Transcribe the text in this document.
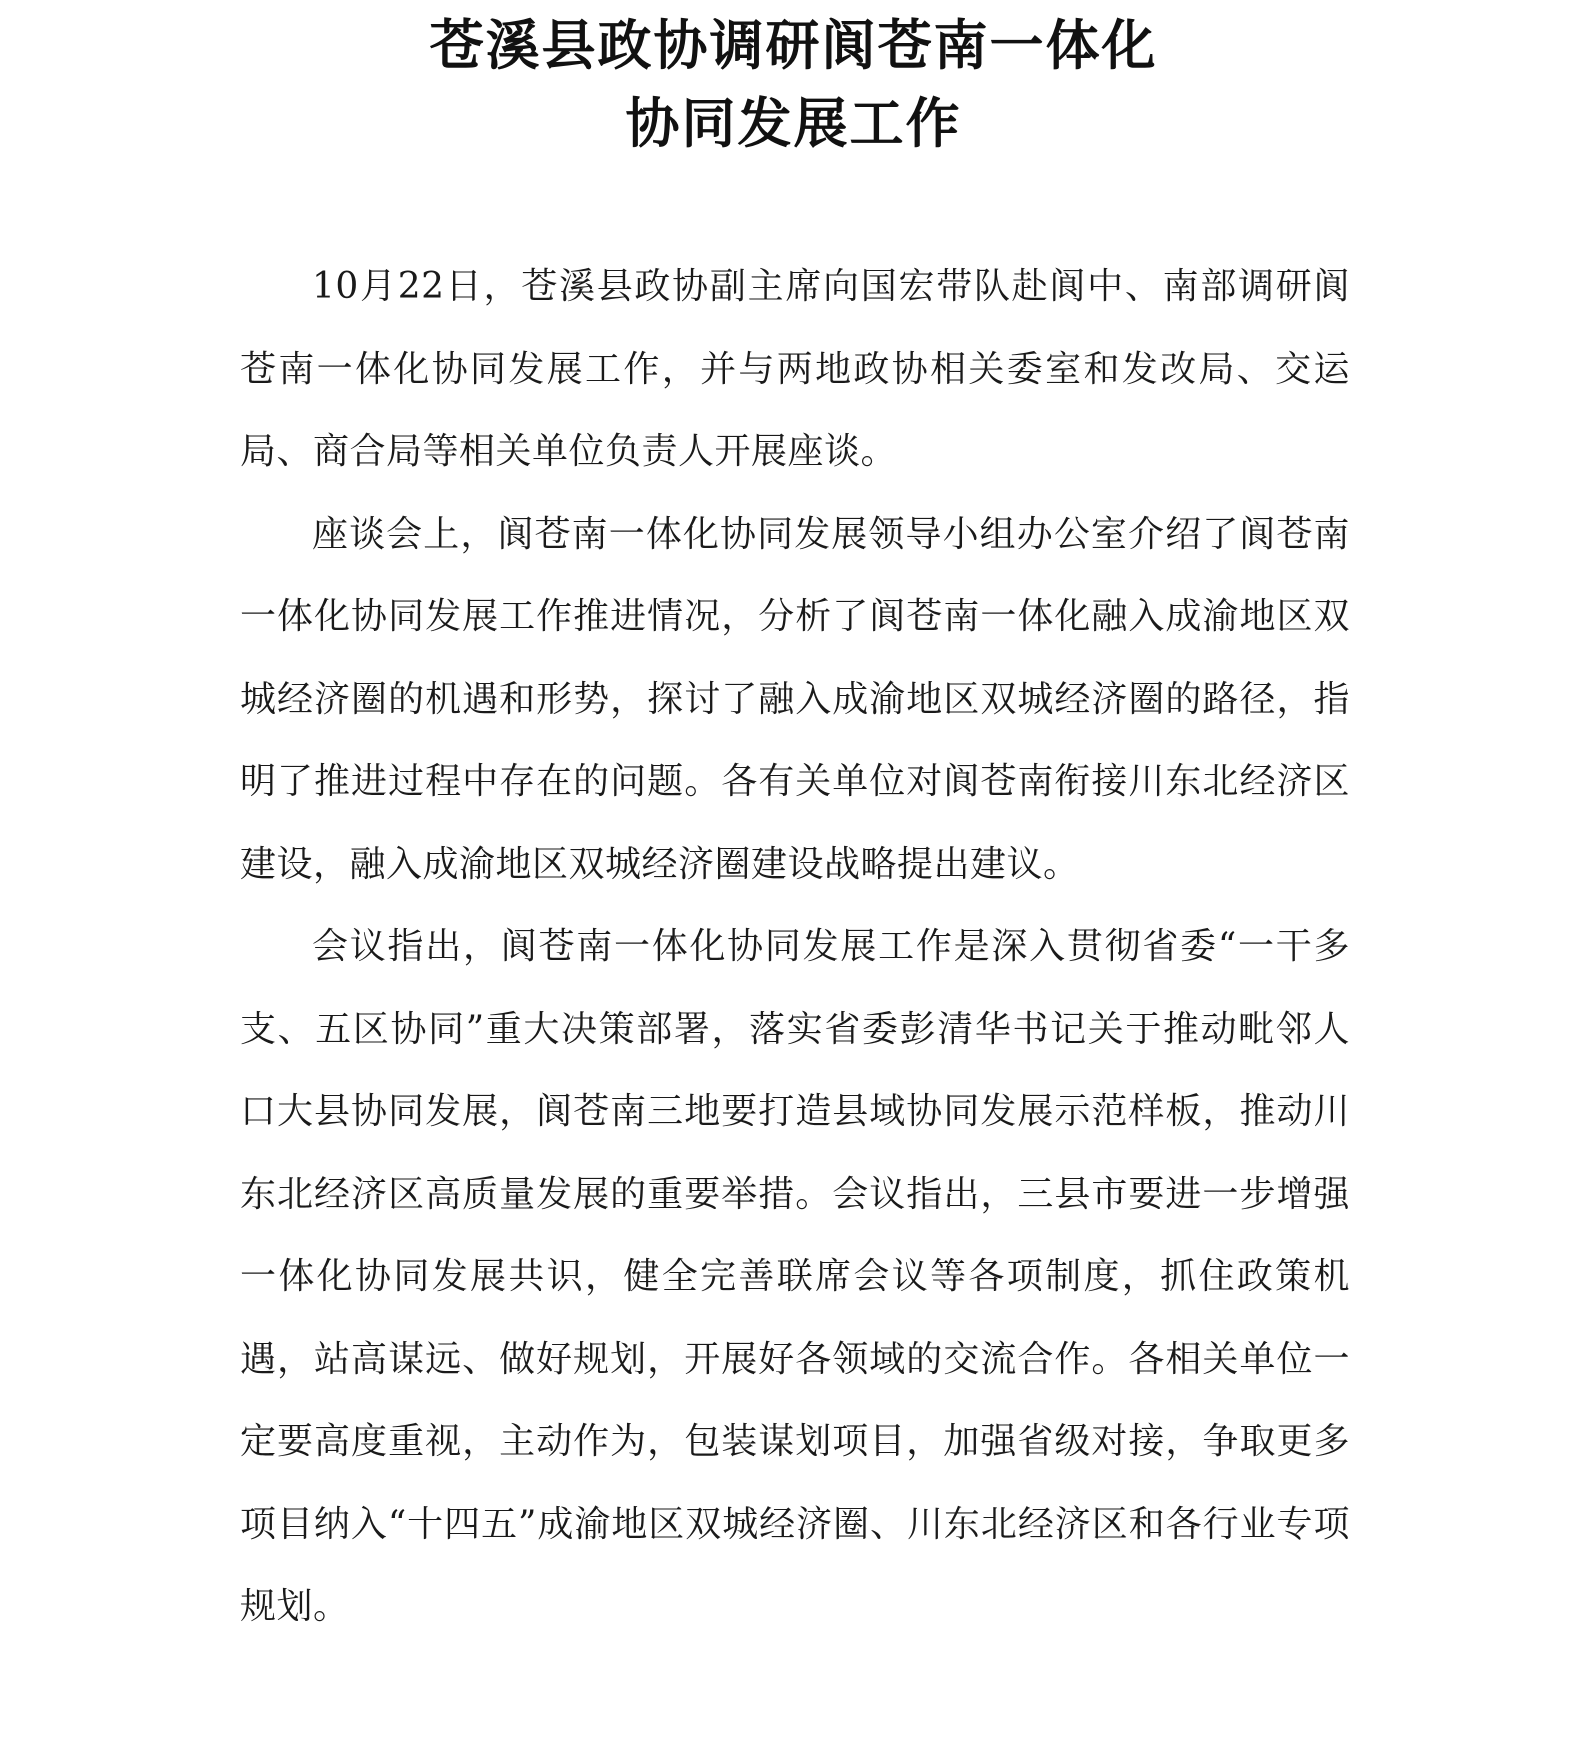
苍溪县政协调研阆苍南一体化
协同发展工作

10月22日，苍溪县政协副主席向国宏带队赴阆中、南部调研阆苍南一体化协同发展工作，并与两地政协相关委室和发改局、交运局、商合局等相关单位负责人开展座谈。

座谈会上，阆苍南一体化协同发展领导小组办公室介绍了阆苍南一体化协同发展工作推进情况，分析了阆苍南一体化融入成渝地区双城经济圈的机遇和形势，探讨了融入成渝地区双城经济圈的路径，指明了推进过程中存在的问题。各有关单位对阆苍南衔接川东北经济区建设，融入成渝地区双城经济圈建设战略提出建议。

会议指出，阆苍南一体化协同发展工作是深入贯彻省委“一干多支、五区协同”重大决策部署，落实省委彭清华书记关于推动毗邻人口大县协同发展，阆苍南三地要打造县域协同发展示范样板，推动川东北经济区高质量发展的重要举措。会议指出，三县市要进一步增强一体化协同发展共识，健全完善联席会议等各项制度，抓住政策机遇，站高谋远、做好规划，开展好各领域的交流合作。各相关单位一定要高度重视，主动作为，包装谋划项目，加强省级对接，争取更多项目纳入“十四五”成渝地区双城经济圈、川东北经济区和各行业专项规划。
